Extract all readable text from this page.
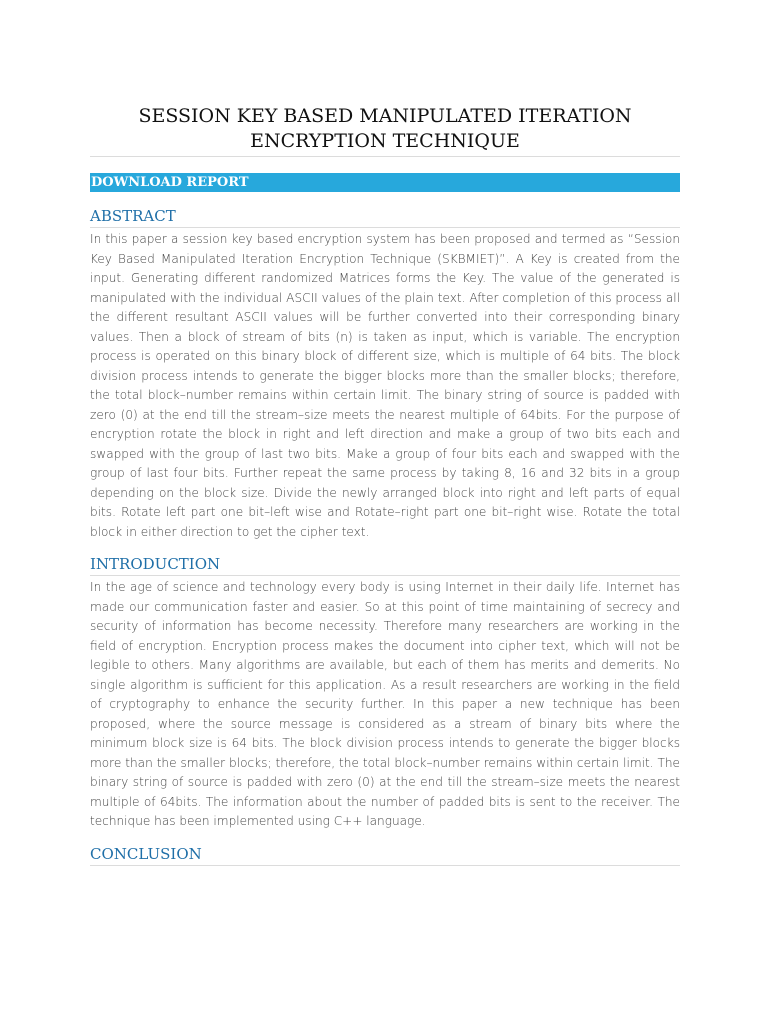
SESSION KEY BASED MANIPULATED ITERATION
ENCRYPTION TECHNIQUE
DOWNLOAD REPORT
ABSTRACT

In this paper a session key based encryption system has been proposed and termed as “Session Key Based Manipulated Iteration Encryption Technique (SKBMIET)”. A Key is created from the input. Generating different randomized Matrices forms the Key. The value of the generated is manipulated with the individual ASCII values of the plain text. After completion of this process all the different resultant ASCII values will be further converted into their corresponding binary values. Then a block of stream of bits (n) is taken as input, which is variable. The encryption process is operated on this binary block of different size, which is multiple of 64 bits. The block division process intends to generate the bigger blocks more than the smaller blocks; therefore, the total block–number remains within certain limit. The binary string of source is padded with zero (0) at the end till the stream–size meets the nearest multiple of 64bits. For the purpose of encryption rotate the block in right and left direction and make a group of two bits each and swapped with the group of last two bits. Make a group of four bits each and swapped with the group of last four bits. Further repeat the same process by taking 8, 16 and 32 bits in a group depending on the block size. Divide the newly arranged block into right and left parts of equal bits. Rotate left part one bit–left wise and Rotate–right part one bit–right wise. Rotate the total block in either direction to get the cipher text.

INTRODUCTION

In the age of science and technology every body is using Internet in their daily life. Internet has made our communication faster and easier. So at this point of time maintaining of secrecy and security of information has become necessity. Therefore many researchers are working in the field of encryption. Encryption process makes the document into cipher text, which will not be legible to others. Many algorithms are available, but each of them has merits and demerits. No single algorithm is sufficient for this application. As a result researchers are working in the field of cryptography to enhance the security further. In this paper a new technique has been proposed, where the source message is considered as a stream of binary bits where the minimum block size is 64 bits. The block division process intends to generate the bigger blocks more than the smaller blocks; therefore, the total block–number remains within certain limit. The binary string of source is padded with zero (0) at the end till the stream–size meets the nearest multiple of 64bits. The information about the number of padded bits is sent to the receiver. The technique has been implemented using C++ language.

CONCLUSION
